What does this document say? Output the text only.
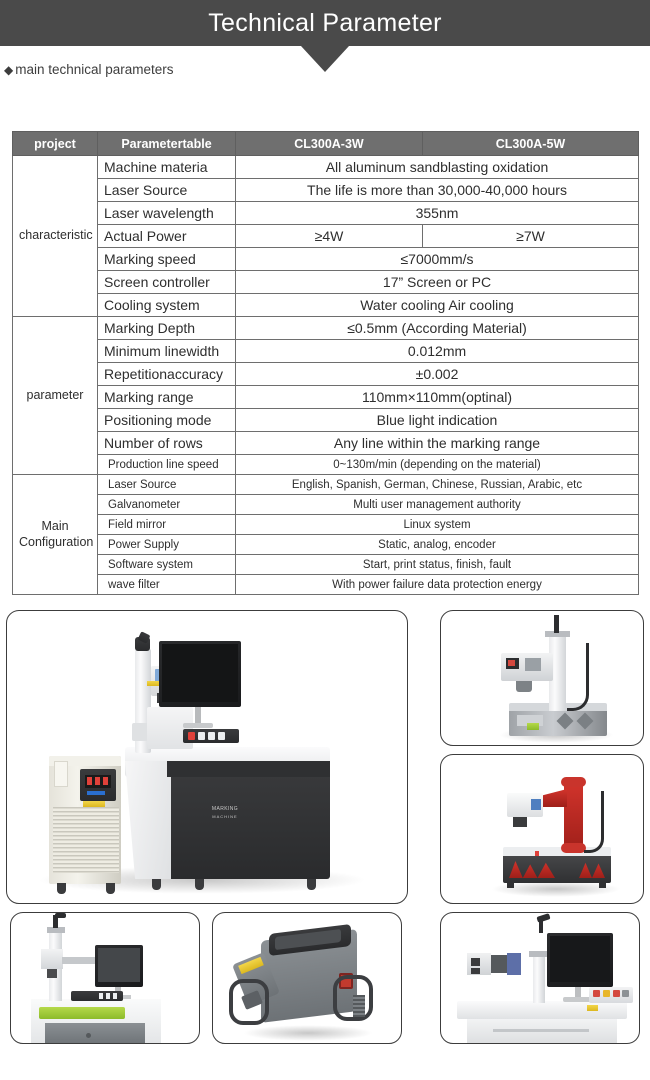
Technical Parameter
◆ main technical parameters
project	Parametertable	CL300A-3W	CL300A-5W
characteristic	Machine materia	All aluminum sandblasting oxidation	
	Laser Source	The life is more than 30,000-40,000 hours	
	Laser wavelength	355nm	
	Actual Power	≥4W	≥7W
	Marking speed	≤7000mm/s	
	Screen controller	17” Screen or PC	
	Cooling system	Water cooling Air cooling	
parameter	Marking Depth	≤0.5mm (According Material)	
	Minimum linewidth	0.012mm	
	Repetitionaccuracy	±0.002	
	Marking range	110mm×110mm(optinal)	
	Positioning mode	Blue light indication	
	Number of rows	Any line within the marking range	
	Production line speed	0~130m/min (depending on the material)	
Main
Configuration	Laser Source	English, Spanish, German, Chinese, Russian, Arabic, etc	
	Galvanometer	Multi user management authority	
	Field mirror	Linux system	
	Power Supply	Static, analog, encoder	
	Software system	Start, print status, finish, fault	
	wave filter	With power failure data protection energy	
MARKING
MACHINE
